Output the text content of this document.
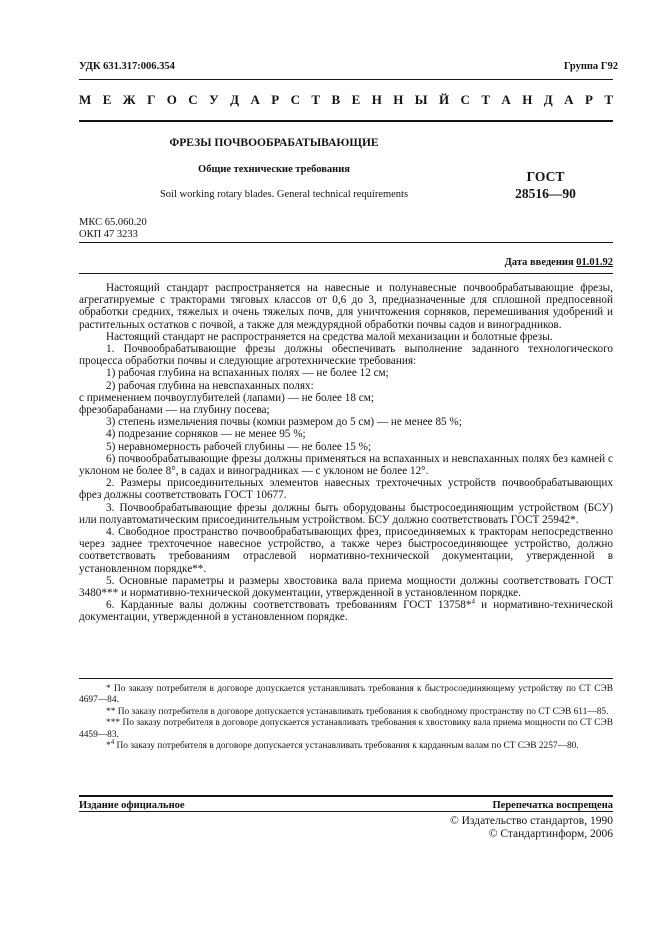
УДК 631.317:006.354	Группа Г92
М Е Ж Г О С У Д А Р С Т В Е Н Н Ы Й С Т А Н Д А Р Т
ФРЕЗЫ ПОЧВООБРАБАТЫВАЮЩИЕ
Общие технические требования
Soil working rotary blades. General technical requirements
ГОСТ
28516—90
МКС 65.060.20
ОКП 47 3233
Дата введения 01.01.92

Настоящий стандарт распространяется на навесные и полунавесные почвообрабатывающие фрезы, агрегатируемые с тракторами тяговых классов от 0,6 до 3, предназначенные для сплошной предпосевной обработки средних, тяжелых и очень тяжелых почв, для уничтожения сорняков, перемешивания удобрений и растительных остатков с почвой, а также для междурядной обработки почвы садов и виноградников.

Настоящий стандарт не распространяется на средства малой механизации и болотные фрезы.

1. Почвообрабатывающие фрезы должны обеспечивать выполнение заданного технологического процесса обработки почвы и следующие агротехнические требования:

1) рабочая глубина на вспаханных полях — не более 12 см;

2) рабочая глубина на невспаханных полях:

с применением почвоуглубителей (лапами) — не более 18 см;

фрезобарабанами — на глубину посева;

3) степень измельчения почвы (комки размером до 5 см) — не менее 85 %;

4) подрезание сорняков — не менее 95 %;

5) неравномерность рабочей глубины — не более 15 %;

6) почвообрабатывающие фрезы должны применяться на вспаханных и невспаханных полях без камней с уклоном не более 8°, в садах и виноградниках — с уклоном не более 12°.

2. Размеры присоединительных элементов навесных трехточечных устройств почвообрабатывающих фрез должны соответствовать ГОСТ 10677.

3. Почвообрабатывающие фрезы должны быть оборудованы быстросоединяющим устройством (БСУ) или полуавтоматическим присоединительным устройством. БСУ должно соответствовать ГОСТ 25942*.

4. Свободное пространство почвообрабатывающих фрез, присоединяемых к тракторам непосредственно через заднее трехточечное навесное устройство, а также через быстросоединяющее устройство, должно соответствовать требованиям отраслевой нормативно-технической документации, утвержденной в установленном порядке**.

5. Основные параметры и размеры хвостовика вала приема мощности должны соответствовать ГОСТ 3480*** и нормативно-технической документации, утвержденной в установленном порядке.

6. Карданные валы должны соответствовать требованиям ГОСТ 13758*$^4$ и нормативно-технической документации, утвержденной в установленном порядке.

* По заказу потребителя в договоре допускается устанавливать требования к быстросоединяющему устройству по СТ СЭВ 4697—84.

** По заказу потребителя в договоре допускается устанавливать требования к свободному пространству по СТ СЭВ 611—85.

*** По заказу потребителя в договоре допускается устанавливать требования к хвостовику вала приема мощности по СТ СЭВ 4459—83.

*$^4$ По заказу потребителя в договоре допускается устанавливать требования к карданным валам по СТ СЭВ 2257—80.

Издание официальное	Перепечатка воспрещена
© Издательство стандартов, 1990
© Стандартинформ, 2006
